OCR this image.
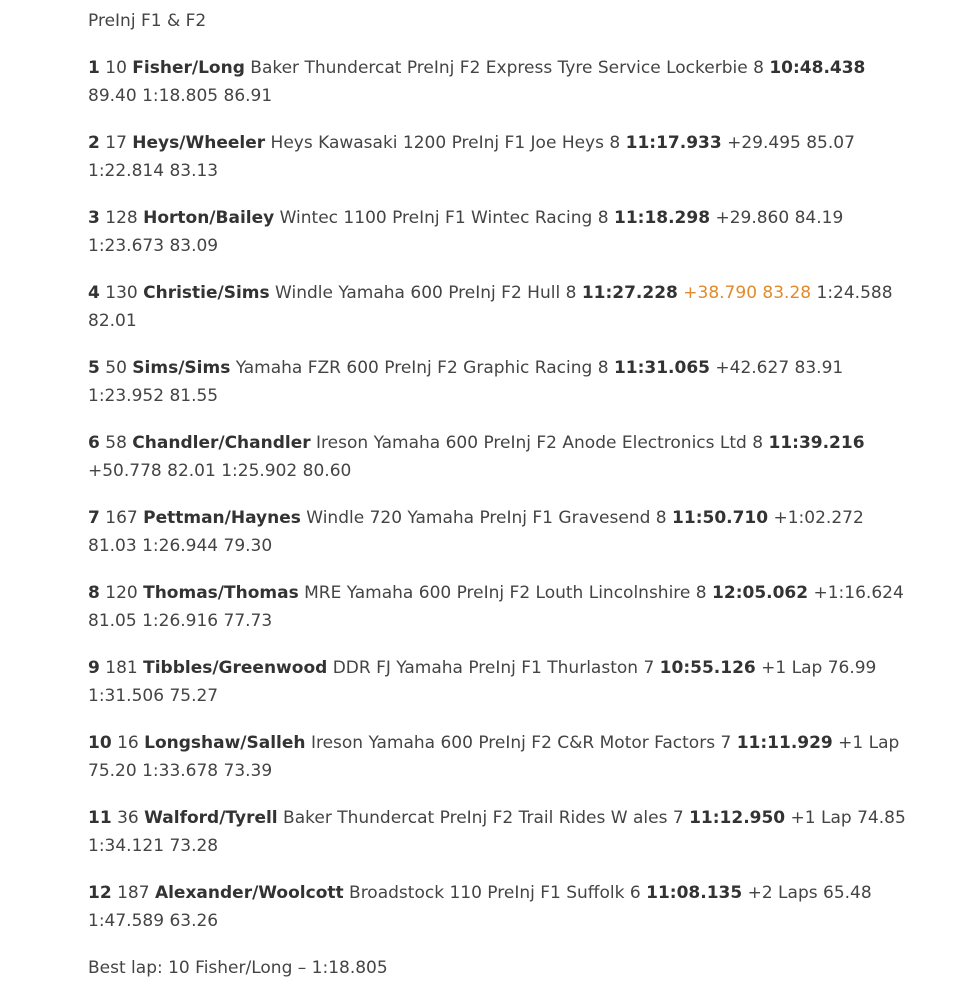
PreInj F1 & F2

1 10 Fisher/Long Baker Thundercat PreInj F2 Express Tyre Service Lockerbie 8 10:48.438 89.40 1:18.805 86.91

2 17 Heys/Wheeler Heys Kawasaki 1200 PreInj F1 Joe Heys 8 11:17.933 +29.495 85.07 1:22.814 83.13

3 128 Horton/Bailey Wintec 1100 PreInj F1 Wintec Racing 8 11:18.298 +29.860 84.19 1:23.673 83.09

4 130 Christie/Sims Windle Yamaha 600 PreInj F2 Hull 8 11:27.228 +38.790 83.28 1:24.588 82.01

5 50 Sims/Sims Yamaha FZR 600 PreInj F2 Graphic Racing 8 11:31.065 +42.627 83.91 1:23.952 81.55

6 58 Chandler/Chandler Ireson Yamaha 600 PreInj F2 Anode Electronics Ltd 8 11:39.216 +50.778 82.01 1:25.902 80.60

7 167 Pettman/Haynes Windle 720 Yamaha PreInj F1 Gravesend 8 11:50.710 +1:02.272 81.03 1:26.944 79.30

8 120 Thomas/Thomas MRE Yamaha 600 PreInj F2 Louth Lincolnshire 8 12:05.062 +1:16.624 81.05 1:26.916 77.73

9 181 Tibbles/Greenwood DDR FJ Yamaha PreInj F1 Thurlaston 7 10:55.126 +1 Lap 76.99 1:31.506 75.27

10 16 Longshaw/Salleh Ireson Yamaha 600 PreInj F2 C&R Motor Factors 7 11:11.929 +1 Lap 75.20 1:33.678 73.39

11 36 Walford/Tyrell Baker Thundercat PreInj F2 Trail Rides W ales 7 11:12.950 +1 Lap 74.85 1:34.121 73.28

12 187 Alexander/Woolcott Broadstock 110 PreInj F1 Suffolk 6 11:08.135 +2 Laps 65.48 1:47.589 63.26

Best lap: 10 Fisher/Long – 1:18.805
